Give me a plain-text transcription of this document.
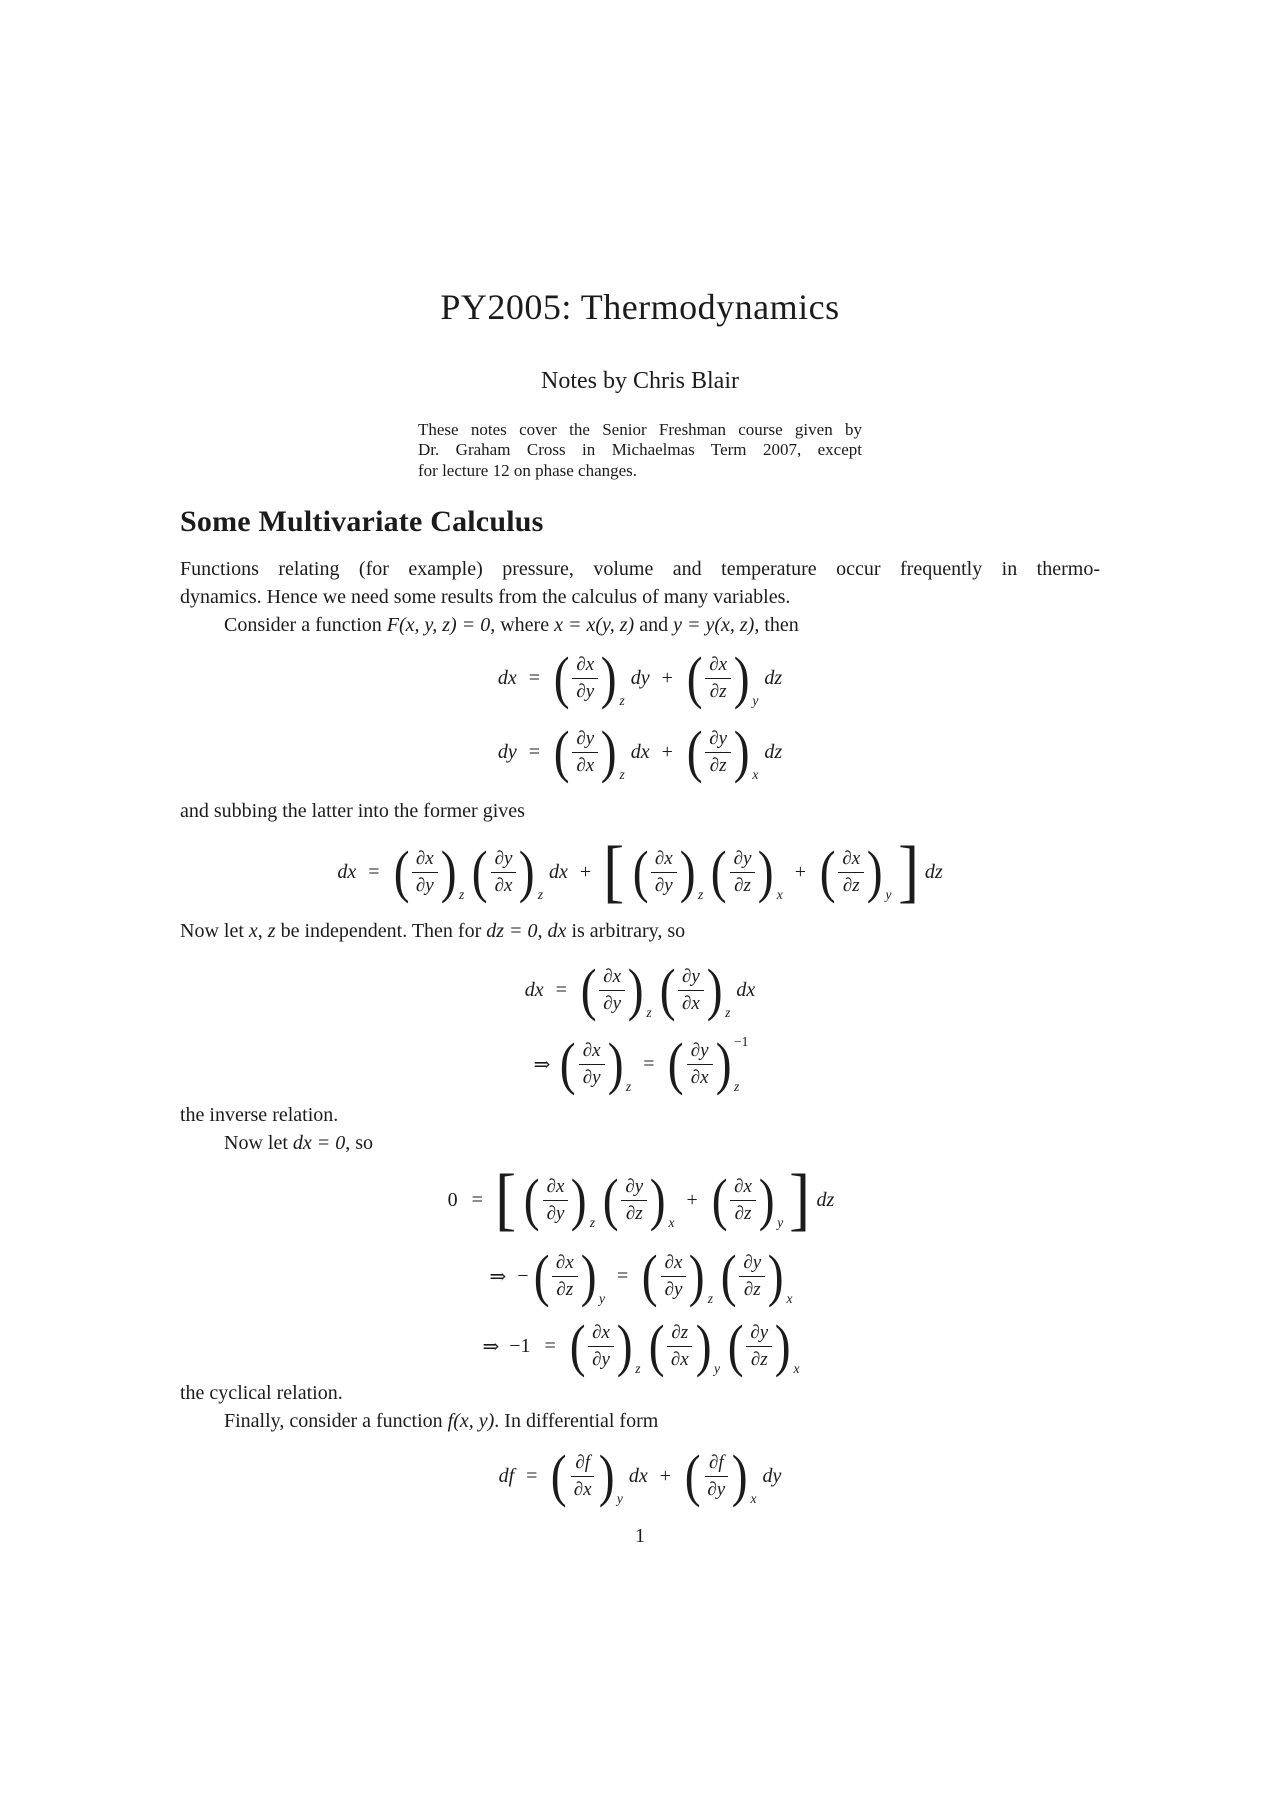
PY2005: Thermodynamics
Notes by Chris Blair
These notes cover the Senior Freshman course given by
Dr. Graham Cross in Michaelmas Term 2007, except
for lecture 12 on phase changes.
Some Multivariate Calculus
Functions relating (for example) pressure, volume and temperature occur frequently in thermo-
dynamics. Hence we need some results from the calculus of many variables.
Consider a function F(x, y, z) = 0, where x = x(y, z) and y = y(x, z), then
dx = ( $\frac{\partial x}{\partial y}$ ) z
dy + ( $\frac{\partial x}{\partial z}$ ) y
dz
dy = ( $\frac{\partial y}{\partial x}$ ) z
dx + ( $\frac{\partial y}{\partial z}$ ) x
dz
and subbing the latter into the former gives
dx = ( $\frac{\partial x}{\partial y}$ ) z ( $\frac{\partial y}{\partial x}$ ) z
dx + [ ( $\frac{\partial x}{\partial y}$ ) z ( $\frac{\partial y}{\partial z}$ ) x
+ ( $\frac{\partial x}{\partial z}$ ) y ] dz
Now let x, z be independent. Then for dz = 0, dx is arbitrary, so
dx = ( $\frac{\partial x}{\partial y}$ ) z ( $\frac{\partial y}{\partial x}$ ) z
dx
⇒ ( $\frac{\partial x}{\partial y}$ ) z
= ( $\frac{\partial y}{\partial x}$ ) −1
z
the inverse relation.
Now let dx = 0, so
0 = [ ( $\frac{\partial x}{\partial y}$ ) z ( $\frac{\partial y}{\partial z}$ ) x
+ ( $\frac{\partial x}{\partial z}$ ) y ] dz
⇒ − ( $\frac{\partial x}{\partial z}$ ) y
= ( $\frac{\partial x}{\partial y}$ ) z ( $\frac{\partial y}{\partial z}$ ) x
⇒ −1 = ( $\frac{\partial x}{\partial y}$ ) z ( $\frac{\partial z}{\partial x}$ ) y ( $\frac{\partial y}{\partial z}$ ) x
the cyclical relation.
Finally, consider a function f(x, y). In differential form
df = ( $\frac{\partial f}{\partial x}$ ) y
dx + ( $\frac{\partial f}{\partial y}$ ) x
dy
1
